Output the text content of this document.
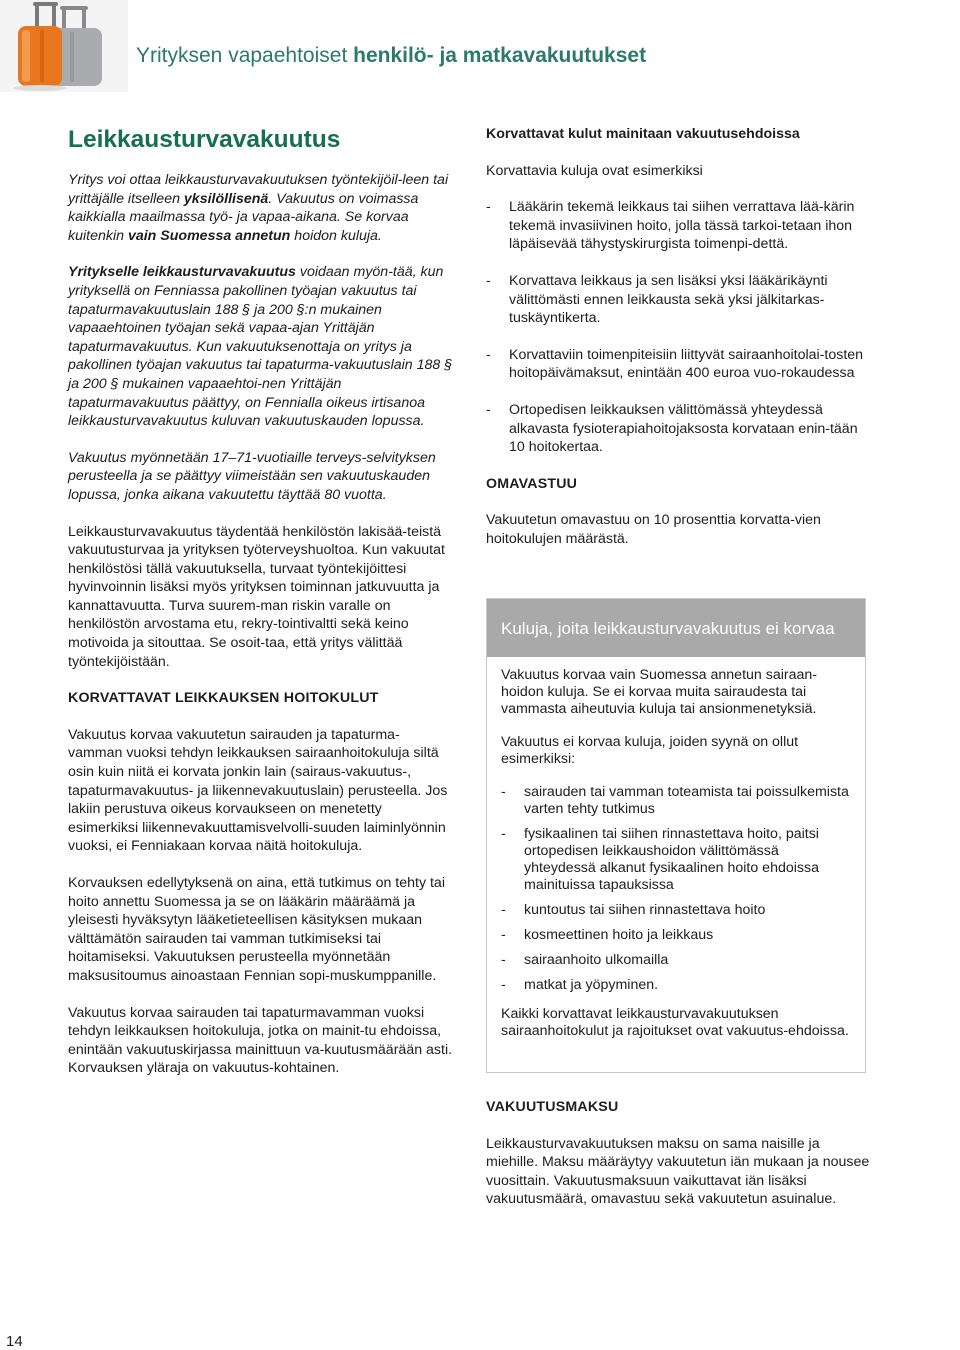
Yrityksen vapaehtoiset henkilö- ja matkavakuutukset
Leikkausturvavakuutus

Yritys voi ottaa leikkausturvavakuutuksen työntekijöil-leen tai yrittäjälle itselleen yksilöllisenä. Vakuutus on voimassa kaikkialla maailmassa työ- ja vapaa-aikana. Se korvaa kuitenkin vain Suomessa annetun hoidon kuluja.

Yritykselle leikkausturvavakuutus voidaan myön-tää, kun yrityksellä on Fenniassa pakollinen työajan vakuutus tai tapaturmavakuutuslain 188 § ja 200 §:n mukainen vapaaehtoinen työajan sekä vapaa-ajan Yrittäjän tapaturmavakuutus. Kun vakuutuksenottaja on yritys ja pakollinen työajan vakuutus tai tapaturma-vakuutuslain 188 § ja 200 § mukainen vapaaehtoi-nen Yrittäjän tapaturmavakuutus päättyy, on Fennialla oikeus irtisanoa leikkausturvavakuutus kuluvan vakuutuskauden lopussa.

Vakuutus myönnetään 17–71-vuotiaille terveys-selvityksen perusteella ja se päättyy viimeistään sen vakuutuskauden lopussa, jonka aikana vakuutettu täyttää 80 vuotta.

Leikkausturvavakuutus täydentää henkilöstön lakisää-teistä vakuutusturvaa ja yrityksen työterveyshuoltoa. Kun vakuutat henkilöstösi tällä vakuutuksella, turvaat työntekijöittesi hyvinvoinnin lisäksi myös yrityksen toiminnan jatkuvuutta ja kannattavuutta. Turva suurem-man riskin varalle on henkilöstön arvostama etu, rekry-tointivaltti sekä keino motivoida ja sitouttaa. Se osoit-taa, että yritys välittää työntekijöistään.

KORVATTAVAT LEIKKAUKSEN HOITOKULUT

Vakuutus korvaa vakuutetun sairauden ja tapaturma-vamman vuoksi tehdyn leikkauksen sairaanhoitokuluja siltä osin kuin niitä ei korvata jonkin lain (sairaus-vakuutus-, tapaturmavakuutus- ja liikennevakuutuslain) perusteella. Jos lakiin perustuva oikeus korvaukseen on menetetty esimerkiksi liikennevakuuttamisvelvolli-suuden laiminlyönnin vuoksi, ei Fenniakaan korvaa näitä hoitokuluja.

Korvauksen edellytyksenä on aina, että tutkimus on tehty tai hoito annettu Suomessa ja se on lääkärin määräämä ja yleisesti hyväksytyn lääketieteellisen käsityksen mukaan välttämätön sairauden tai vamman tutkimiseksi tai hoitamiseksi. Vakuutuksen perusteella myönnetään maksusitoumus ainoastaan Fennian sopi-muskumppanille.

Vakuutus korvaa sairauden tai tapaturmavamman vuoksi tehdyn leikkauksen hoitokuluja, jotka on mainit-tu ehdoissa, enintään vakuutuskirjassa mainittuun va-kuutusmäärään asti. Korvauksen yläraja on vakuutus-kohtainen.

Korvattavat kulut mainitaan vakuutusehdoissa

Korvattavia kuluja ovat esimerkiksi

- Lääkärin tekemä leikkaus tai siihen verrattava lää-kärin tekemä invasiivinen hoito, jolla tässä tarkoi-tetaan ihon läpäisevää tähystyskirurgista toimenpi-dettä.
- Korvattava leikkaus ja sen lisäksi yksi lääkärikäynti välittömästi ennen leikkausta sekä yksi jälkitarkas-tuskäyntikerta.
- Korvattaviin toimenpiteisiin liittyvät sairaanhoitolai-tosten hoitopäivämaksut, enintään 400 euroa vuo-rokaudessa
- Ortopedisen leikkauksen välittömässä yhteydessä alkavasta fysioterapiahoitojaksosta korvataan enin-tään 10 hoitokertaa.
OMAVASTUU

Vakuutetun omavastuu on 10 prosenttia korvatta-vien hoitokulujen määrästä.

Kuluja, joita leikkausturvavakuutus ei korvaa

Vakuutus korvaa vain Suomessa annetun sairaan-hoidon kuluja. Se ei korvaa muita sairaudesta tai vammasta aiheutuvia kuluja tai ansionmenetyksiä.

Vakuutus ei korvaa kuluja, joiden syynä on ollut esimerkiksi:

- sairauden tai vamman toteamista tai poissulkemista varten tehty tutkimus
- fysikaalinen tai siihen rinnastettava hoito, paitsi ortopedisen leikkaushoidon välittömässä yhteydessä alkanut fysikaalinen hoito ehdoissa mainituissa tapauksissa
- kuntoutus tai siihen rinnastettava hoito
- kosmeettinen hoito ja leikkaus
- sairaanhoito ulkomailla
- matkat ja yöpyminen.

Kaikki korvattavat leikkausturvavakuutuksen sairaanhoitokulut ja rajoitukset ovat vakuutus-ehdoissa.

VAKUUTUSMAKSU

Leikkausturvavakuutuksen maksu on sama naisille ja miehille. Maksu määräytyy vakuutetun iän mukaan ja nousee vuosittain. Vakuutusmaksuun vaikuttavat iän lisäksi vakuutusmäärä, omavastuu sekä vakuutetun asuinalue.

14
